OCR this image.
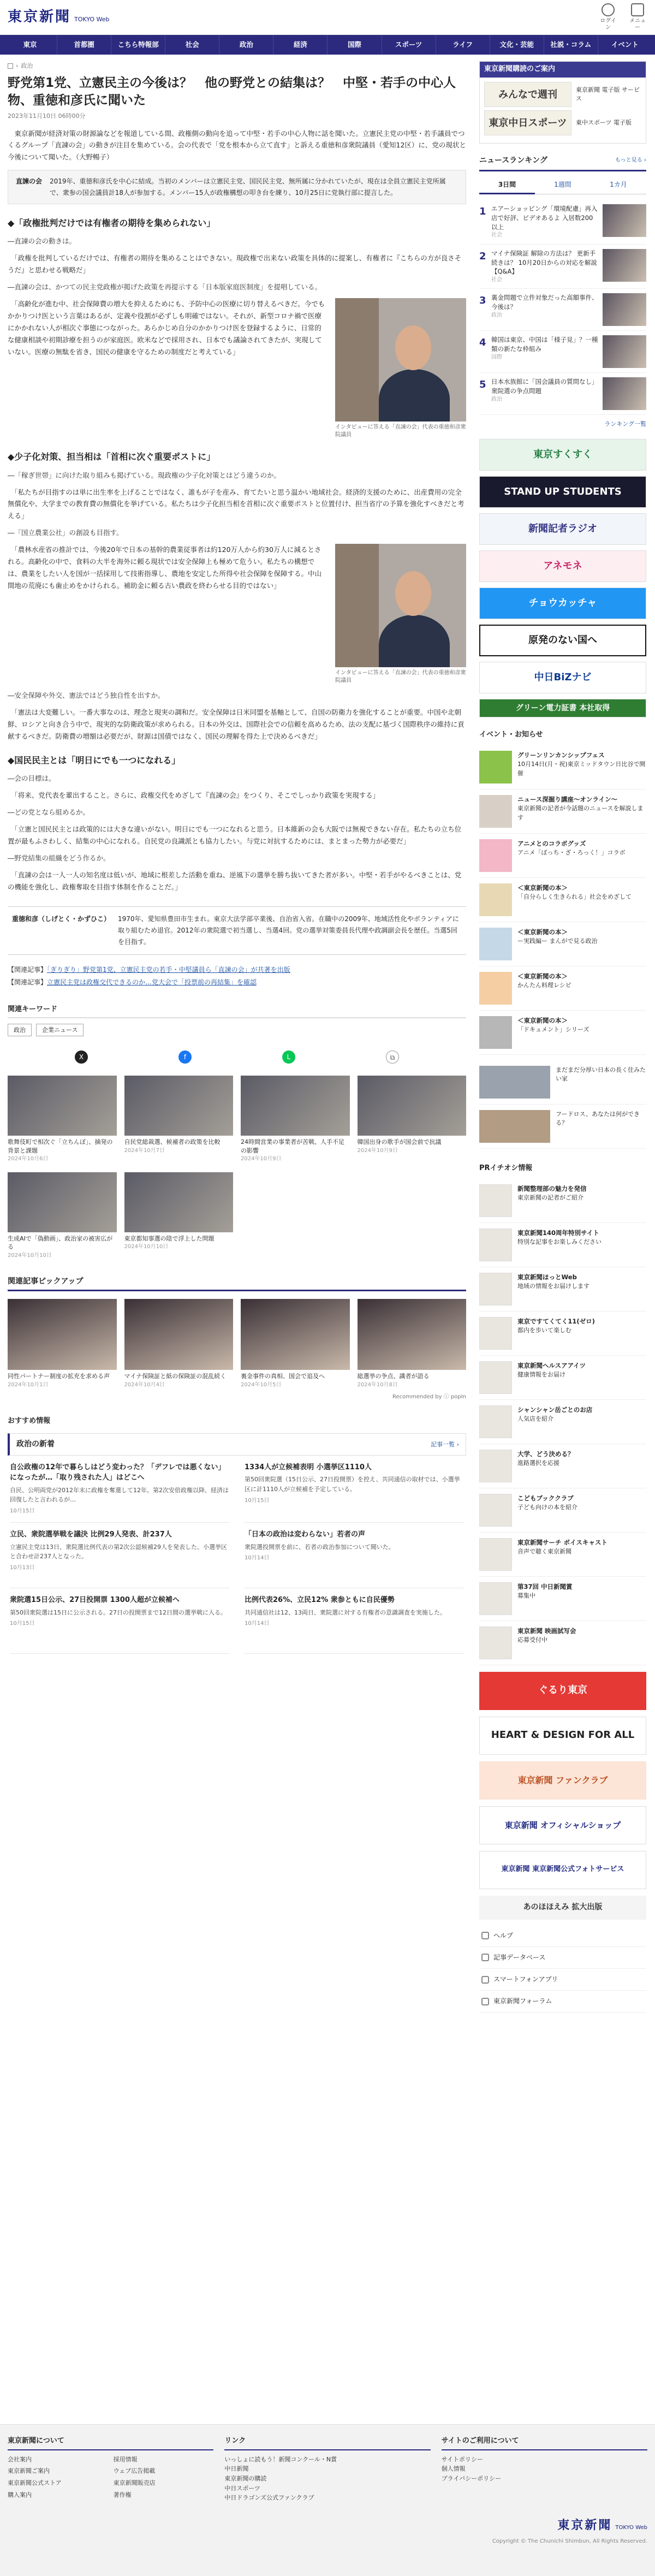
東京新聞 TOKYO Web	ログイン
メニュー
東京	首都圏	こちら特報部	社会	政治	経済	国際	スポーツ	ライフ	文化・芸能	社説・コラム	イベント
› 政治
野党第1党、立憲民主の今後は？　他の野党との結集は？　中堅・若手の中心人物、重徳和彦氏に聞いた
2023年11月10日 06時00分

　東京新聞が経済対策の財源論などを報道している間、政権側の動向を追って中堅・若手の中心人物に話を聞いた。立憲民主党の中堅・若手議員でつくるグループ「直諫の会」の動きが注目を集めている。会の代表で「党を根本から立て直す」と訴える重徳和彦衆院議員（愛知12区）に、党の現状と今後について聞いた。（大野暢子）

直諫の会 2019年、重徳和彦氏を中心に結成。当初のメンバーは立憲民主党、国民民主党、無所属に分かれていたが、現在は全員立憲民主党所属で、衆参の国会議員計18人が参加する。メンバー15人が政権構想の叩き台を練り、10月25日に党執行部に提言した。
◆「政権批判だけでは有権者の期待を集められない」
―直諫の会の動きは。

　「政権を批判しているだけでは、有権者の期待を集めることはできない。現政権で出来ない政策を具体的に提案し、有権者に『こちらの方が良さそうだ』と思わせる戦略だ」

―直諫の会は、かつての民主党政権が掲げた政策を再提示する「日本版家庭医制度」を提唱している。

　「高齢化が進む中、社会保障費の増大を抑えるためにも、予防中心の医療に切り替えるべきだ。今でもかかりつけ医という言葉はあるが、定義や役割が必ずしも明確ではない。それが、新型コロナ禍で医療にかかれない人が相次ぐ事態につながった。あらかじめ自分のかかりつけ医を登録するように、日常的な健康相談や初期診療を担うのが家庭医。欧米などで採用され、日本でも議論されてきたが、実現していない。医療の無駄を省き、国民の健康を守るための制度だと考えている」

インタビューに答える「直諫の会」代表の重徳和彦衆院議員
◆少子化対策、担当相は「首相に次ぐ重要ポストに」
―「稼ぎ世帯」に向けた取り組みも掲げている。現政権の少子化対策とはどう違うのか。

　「私たちが目指すのは単に出生率を上げることではなく、誰もが子を産み、育てたいと思う温かい地域社会。経済的支援のために、出産費用の完全無償化や、大学までの教育費の無償化を挙げている。私たちは少子化担当相を首相に次ぐ重要ポストと位置付け、担当省庁の予算を強化すべきだと考える」

―「国立農業公社」の創設も目指す。

　「農林水産省の推計では、今後20年で日本の基幹的農業従事者は約120万人から約30万人に減るとされる。高齢化の中で、食料の大半を海外に頼る現状では安全保障上も極めて危うい。私たちの構想では、農業をしたい人を国が一括採用して技術指導し、農地を安定した所得や社会保障を保障する。中山間地の荒廃にも歯止めをかけられる。補助金に頼る古い農政を終わらせる目的ではない」

インタビューに答える「直諫の会」代表の重徳和彦衆院議員
―安全保障や外交、憲法ではどう独自性を出すか。

　「憲法は大変難しい。一番大事なのは、理念と現実の調和だ。安全保障は日米同盟を基軸として、自国の防衛力を強化することが重要。中国や北朝鮮、ロシアと向き合う中で、現実的な防衛政策が求められる。日本の外交は、国際社会での信頼を高めるため、法の支配に基づく国際秩序の維持に貢献するべきだ。防衛費の増額は必要だが、財源は国債ではなく、国民の理解を得た上で決めるべきだ」

◆国民民主とは「明日にでも一つになれる」
―会の目標は。

　「将来、党代表を輩出すること。さらに、政権交代をめざして『直諫の会』をつくり、そこでしっかり政策を実現する」

―どの党となら組めるか。

　「立憲と国民民主とは政策的には大きな違いがない。明日にでも一つになれると思う。日本維新の会も大阪では無視できない存在。私たちの立ち位置が最もふさわしく、結集の中心になれる。自民党の良識派とも協力したい。与党に対抗するためには、まとまった勢力が必要だ」

―野党結集の組織をどう作るか。

　「直諫の会は一人一人の知名度は低いが、地域に根差した活動を重ね、逆風下の選挙を勝ち抜いてきた者が多い。中堅・若手がやるべきことは、党の機能を強化し、政権奪取を目指す体制を作ることだ。」

重徳和彦（しげとく・かずひこ） 1970年、愛知県豊田市生まれ。東京大法学部卒業後、自治省入省。在職中の2009年、地域活性化やボランティアに取り組むため退官。2012年の衆院選で初当選し、当選4回。党の選挙対策委員長代理や政調副会長を歴任。当選5回を目指す。
【関連記事】「ぎりぎり」野党第1党、立憲民主党の若手・中堅議員ら「直諫の会」が共著を出版
【関連記事】立憲民主党は政権交代できるのか…党大会で「投票前の再結集」を確認
関連キーワード
政治	企業ニュース
X	f	L	⧉
歌舞伎町で相次ぐ「立ちんぼ」、摘発の背景と課題
2024年10月6日
自民党総裁選、候補者の政策を比較
2024年10月7日
24時間営業の事業者が苦戦、人手不足の影響
2024年10月9日
韓国出身の歌手が国会前で抗議
2024年10月9日
生成AIで「偽動画」、政治家の被害広がる
2024年10月10日
東京都知事選の陰で浮上した問題
2024年10月10日
関連記事ピックアップ
同性パートナー制度の拡充を求める声
2024年10月1日
マイナ保険証と紙の保険証の混乱続く
2024年10月4日
裏金事件の真相、国会で追及へ
2024年10月5日
総選挙の争点、識者が語る
2024年10月8日
Recommended by ⓘ popIn
おすすめ情報
政治の新着	記事一覧 ›
自公政権の12年で暮らしはどう変わった？「デフレでは悪くない」になったが…「取り残された人」はどこへ
自民、公明両党が2012年末に政権を奪還して12年。第2次安倍政権以降、経済は回復したと言われるが…
10月15日
1334人が立候補表明 小選挙区1110人
第50回衆院選（15日公示、27日投開票）を控え、共同通信の取材では、小選挙区に計1110人が立候補を予定している。
10月15日
立民、衆院選挙戦を議決 比例29人発表、計237人
立憲民主党は13日、衆院選比例代表の第2次公認候補29人を発表した。小選挙区と合わせ計237人となった。
10月13日
「日本の政治は変わらない」若者の声
衆院選投開票を前に、若者の政治参加について聞いた。
10月14日
衆院選15日公示、27日投開票 1300人超が立候補へ
第50回衆院選は15日に公示される。27日の投開票まで12日間の選挙戦に入る。
10月15日
比例代表26%、立民12% 衆参ともに自民優勢
共同通信社は12、13両日、衆院選に対する有権者の意識調査を実施した。
10月14日
東京新聞購読のご案内
みんなで週刊	東京新聞 電子版 サービス
東京中日スポーツ	東中スポーツ 電子版
ニュースランキング	もっと見る ›
3日間	1週間	1カ月
1 エアーショッピング「環境配慮」再入店で好評、ビデオあるよ 入居数200以上
社会
2 マイナ保険証 解除の方法は？ 更新手続きは？ 10月20日からの対応を解説【Q&A】
社会
3 裏金問題で立件対象だった高額事件、今後は？
政治
4 韓国は東京、中国は「様子見」？一種類の新たな枠組み
国際
5 日本水族館に「国会議員の質問なし」 衆院選の争点問題
政治
ランキング一覧
東京すくすく
STAND UP STUDENTS
新聞記者ラジオ
アネモネ
チョウカッチャ
原発のない国へ
中日BiZナビ
グリーン電力証書 本社取得
イベント・お知らせ
グリーンリンカンシップフェス
10月14日(月・祝)東京ミッドタウン日比谷で開催
ニュース深掘り講座～オンライン～
東京新聞の記者が今話題のニュースを解説します
アニメとのコラボグッズ
アニメ「ぼっち・ざ・ろっく！」コラボ
＜東京新聞の本＞
「自分らしく生きられる」社会をめざして
＜東京新聞の本＞
ー実践編ー まんがで見る政治
＜東京新聞の本＞
かんたん料理レシピ
＜東京新聞の本＞
「ドキュメント」シリーズ
まだまだ分厚い日本の長く住みたい家
フードロス、あなたは何ができる？
PRイチオシ情報
新聞整理部の魅力を発信
東京新聞の記者がご紹介
東京新聞140周年特別サイト
特別な記事をお楽しみください
東京新聞ほっとWeb
地域の情報をお届けします
東京ですてくてく11(ゼロ)
都内を歩いて楽しむ
東京新聞ヘルスアアイツ
健康情報をお届け
シャンシャン岳ごとのお店
人気店を紹介
大学、どう決める？
進路選択を応援
こどもブッククラブ
子ども向けの本を紹介
東京新聞サーチ ボイスキャスト
音声で聴く東京新聞
第37回 中日新聞賞
募集中
東京新聞 映画試写会
応募受付中
ぐるり東京
HEART & DESIGN FOR ALL
東京新聞 ファンクラブ
東京新聞 オフィシャルショップ
東京新聞 東京新聞公式フォトサービス
あのほほえみ 拡大出版
ヘルプ
記事データベース
スマートフォンアプリ
東京新聞フォーラム
東京新聞について
会社案内	採用情報
東京新聞ご案内	ウェブ広告掲載
東京新聞公式ストア	東京新聞販売店
購入案内	著作権
リンク
いっしょに読もう！新聞コンクール・N賞
中日新聞
東京新聞の購読
中日スポーツ
中日ドラゴンズ公式ファンクラブ
サイトのご利用について
サイトポリシー
個人情報
プライバシーポリシー
東京新聞 TOKYO Web
Copyright © The Chunichi Shimbun, All Rights Reserved.
